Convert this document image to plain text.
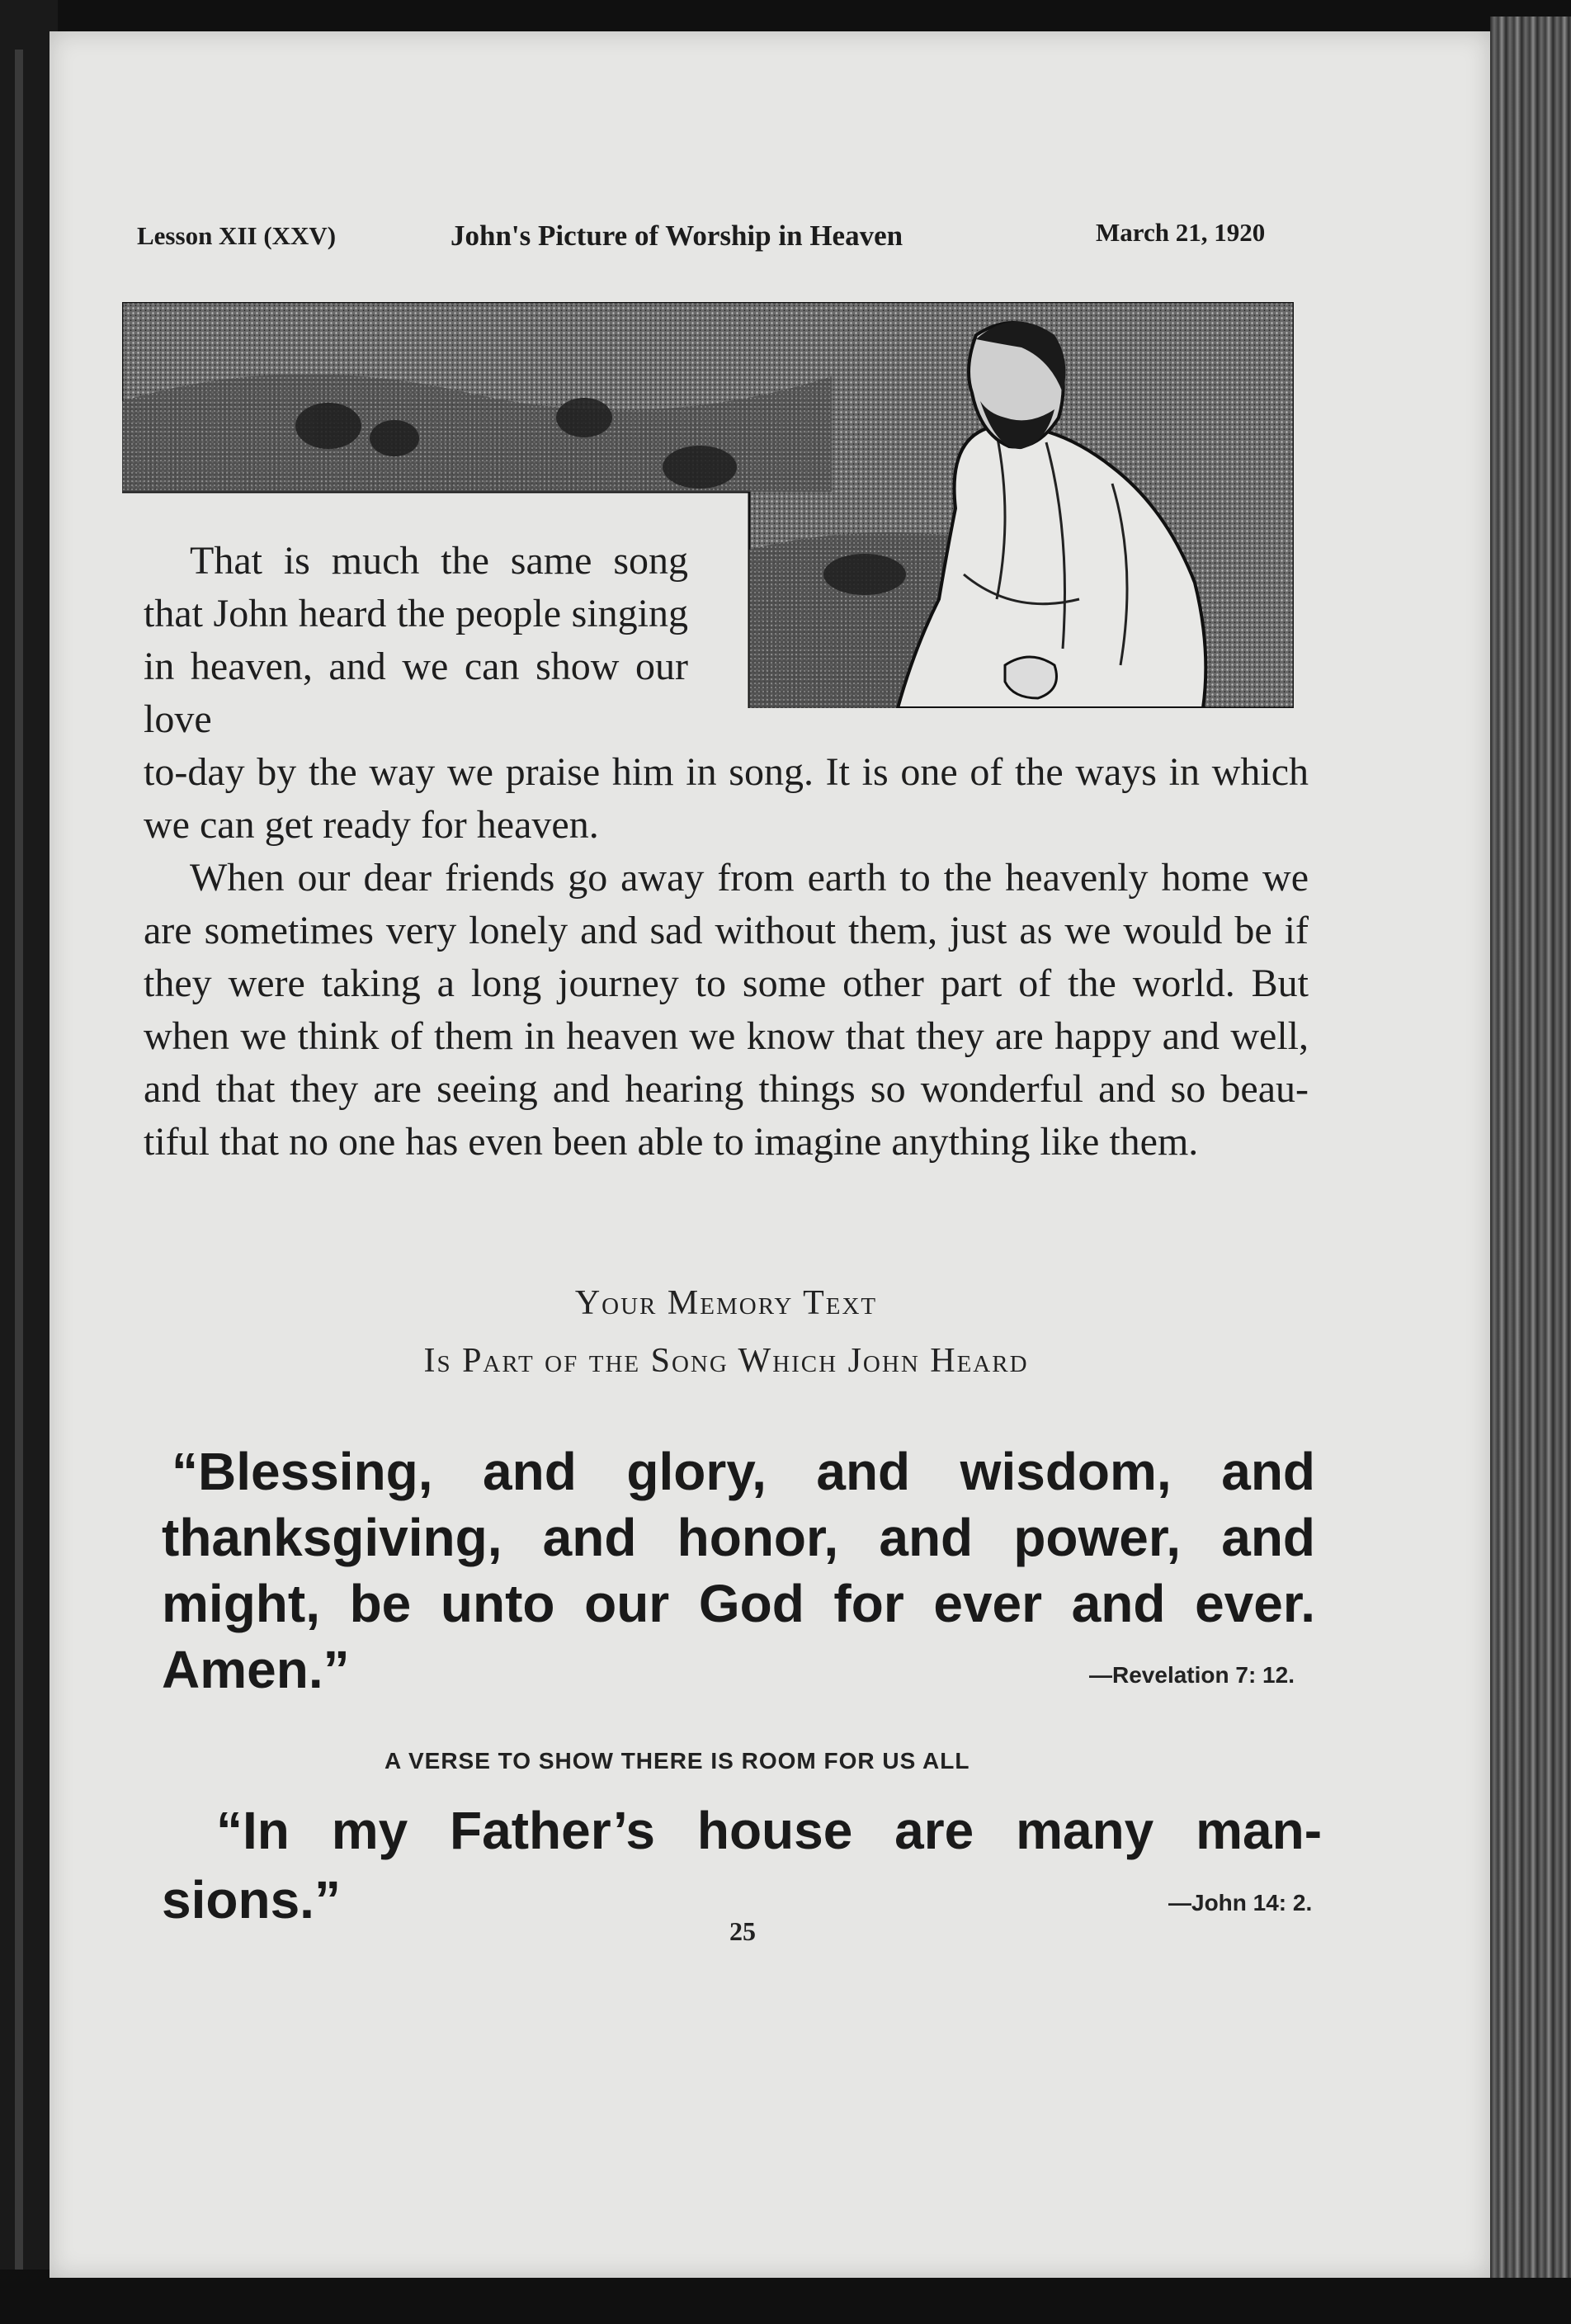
Lesson XII (XXV)	John's Picture of Worship in Heaven	March 21, 1920

That is much the same song that John heard the people singing in heaven, and we can show our love

to-day by the way we praise him in song. It is one of the ways in which we can get ready for heaven.

When our dear friends go away from earth to the heavenly home we are sometimes very lonely and sad without them, just as we would be if they were taking a long journey to some other part of the world. But when we think of them in heaven we know that they are happy and well, and that they are seeing and hearing things so wonderful and so beau-tiful that no one has even been able to imagine anything like them.

Your Memory Text
Is Part of the Song Which John Heard

“Blessing, and glory, and wisdom, and thanksgiving, and honor, and power, and might, be unto our God for ever and ever.

Amen.”	—Revelation 7: 12.
A VERSE TO SHOW THERE IS ROOM FOR US ALL

“In my Father’s house are many man-

sions.”	—John 14: 2.
25
